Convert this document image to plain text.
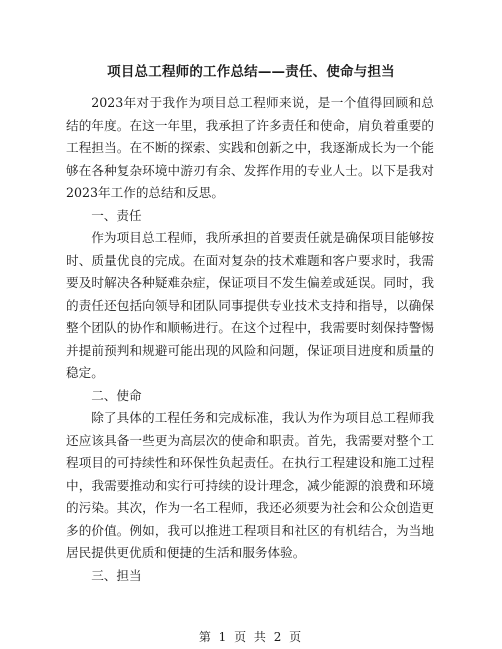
项目总工程师的工作总结——责任、使命与担当

2023年对于我作为项目总工程师来说，是一个值得回顾和总结的年度。在这一年里，我承担了许多责任和使命，肩负着重要的工程担当。在不断的探索、实践和创新之中，我逐渐成长为一个能够在各种复杂环境中游刃有余、发挥作用的专业人士。以下是我对2023年工作的总结和反思。

一、责任

作为项目总工程师，我所承担的首要责任就是确保项目能够按时、质量优良的完成。在面对复杂的技术难题和客户要求时，我需要及时解决各种疑难杂症，保证项目不发生偏差或延误。同时，我的责任还包括向领导和团队同事提供专业技术支持和指导，以确保整个团队的协作和顺畅进行。在这个过程中，我需要时刻保持警惕并提前预判和规避可能出现的风险和问题，保证项目进度和质量的稳定。

二、使命

除了具体的工程任务和完成标准，我认为作为项目总工程师我还应该具备一些更为高层次的使命和职责。首先，我需要对整个工程项目的可持续性和环保性负起责任。在执行工程建设和施工过程中，我需要推动和实行可持续的设计理念，减少能源的浪费和环境的污染。其次，作为一名工程师，我还必须要为社会和公众创造更多的价值。例如，我可以推进工程项目和社区的有机结合，为当地居民提供更优质和便捷的生活和服务体验。

三、担当

第 1 页 共 2 页
